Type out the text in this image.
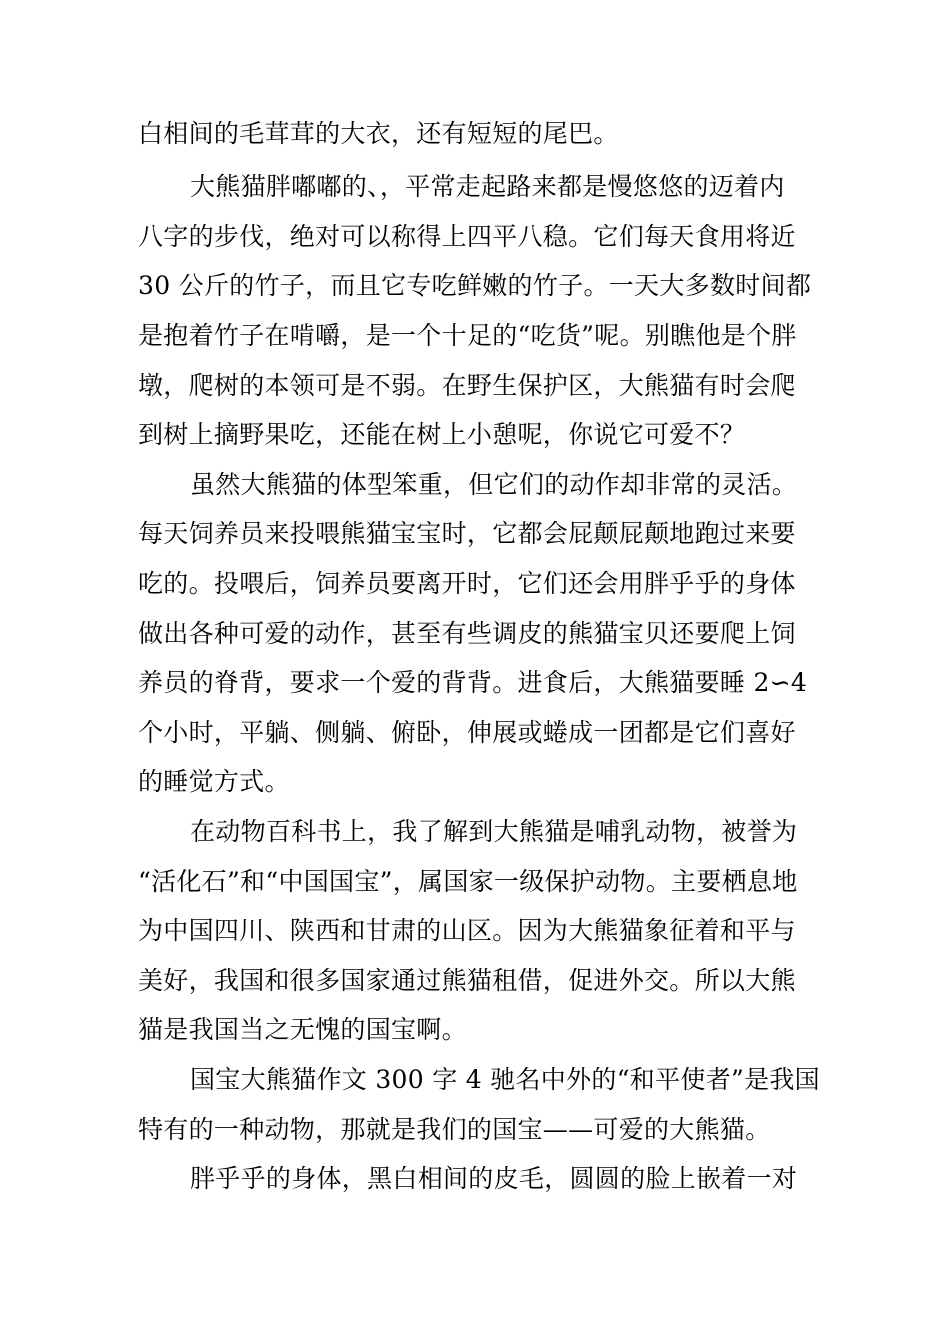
白相间的毛茸茸的大衣，还有短短的尾巴。

大熊猫胖嘟嘟的、，平常走起路来都是慢悠悠的迈着内

八字的步伐，绝对可以称得上四平八稳。它们每天食用将近

30 公斤的竹子，而且它专吃鲜嫩的竹子。一天大多数时间都

是抱着竹子在啃嚼，是一个十足的“吃货”呢。别瞧他是个胖

墩，爬树的本领可是不弱。在野生保护区，大熊猫有时会爬

到树上摘野果吃，还能在树上小憩呢，你说它可爱不？

虽然大熊猫的体型笨重，但它们的动作却非常的灵活。

每天饲养员来投喂熊猫宝宝时，它都会屁颠屁颠地跑过来要

吃的。投喂后，饲养员要离开时，它们还会用胖乎乎的身体

做出各种可爱的动作，甚至有些调皮的熊猫宝贝还要爬上饲

养员的脊背，要求一个爱的背背。进食后，大熊猫要睡 2∽4

个小时，平躺、侧躺、俯卧，伸展或蜷成一团都是它们喜好

的睡觉方式。

在动物百科书上，我了解到大熊猫是哺乳动物，被誉为

“活化石”和“中国国宝”，属国家一级保护动物。主要栖息地

为中国四川、陕西和甘肃的山区。因为大熊猫象征着和平与

美好，我国和很多国家通过熊猫租借，促进外交。所以大熊

猫是我国当之无愧的国宝啊。

国宝大熊猫作文 300 字 4 驰名中外的“和平使者”是我国

特有的一种动物，那就是我们的国宝——可爱的大熊猫。

胖乎乎的身体，黑白相间的皮毛，圆圆的脸上嵌着一对
